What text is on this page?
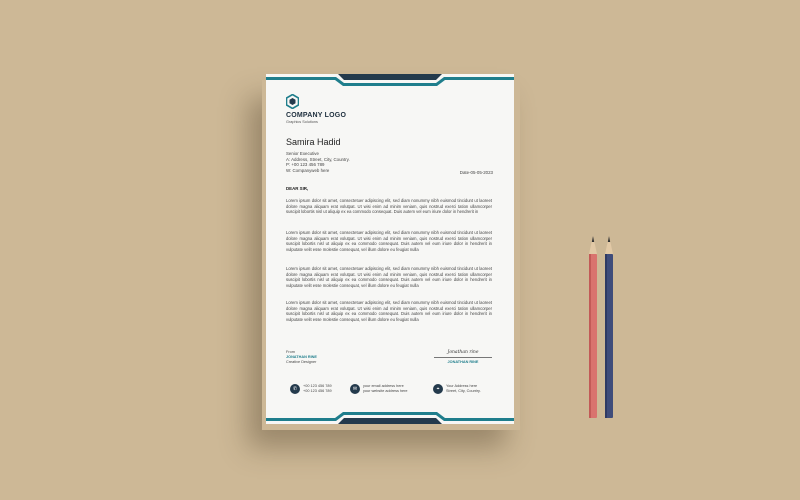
COMPANY LOGO
Graphics Solutions
Samira Hadid
Senior Executive
A: Address, Street, City, Country.
P: +00 123 456 789
W: Companyweb here	Date-05-05-2023
DEAR SIR,
Lorem ipsum dolor sit amet, consectetuer adipiscing elit, sed diam nonummy nibh euismod tincidunt ut laoreet dolore magna aliquam erat volutpat. Ut wisi enim ad minim veniam, quis nostrud exerci tation ullamcorper suscipit lobortis nisl ut aliquip ex ea commodo consequat. Duis autem vel eum iriure dolor in hendrerit in
Lorem ipsum dolor sit amet, consectetuer adipiscing elit, sed diam nonummy nibh euismod tincidunt ut laoreet dolore magna aliquam erat volutpat. Ut wisi enim ad minim veniam, quis nostrud exerci tation ullamcorper suscipit lobortis nisl ut aliquip ex ea commodo consequat. Duis autem vel eum iriure dolor in hendrerit in vulputate velit esse molestie consequat, vel illum dolore eu feugiat nulla
Lorem ipsum dolor sit amet, consectetuer adipiscing elit, sed diam nonummy nibh euismod tincidunt ut laoreet dolore magna aliquam erat volutpat. Ut wisi enim ad minim veniam, quis nostrud exerci tation ullamcorper suscipit lobortis nisl ut aliquip ex ea commodo consequat. Duis autem vel eum iriure dolor in hendrerit in vulputate velit esse molestie consequat, vel illum dolore eu feugiat nulla
Lorem ipsum dolor sit amet, consectetuer adipiscing elit, sed diam nonummy nibh euismod tincidunt ut laoreet dolore magna aliquam erat volutpat. Ut wisi enim ad minim veniam, quis nostrud exerci tation ullamcorper suscipit lobortis nisl ut aliquip ex ea commodo consequat. Duis autem vel eum iriure dolor in hendrerit in vulputate velit esse molestie consequat, vel illum dolore eu feugiat nulla
From
JONATHAN RINE
Creative Designer
Jonathan rine
JONATHAN RINE
✆ +00 123 456 789
+00 123 456 789	✉ your email address here
your website address here	⌖ Your Address here
Street, City, Country.
